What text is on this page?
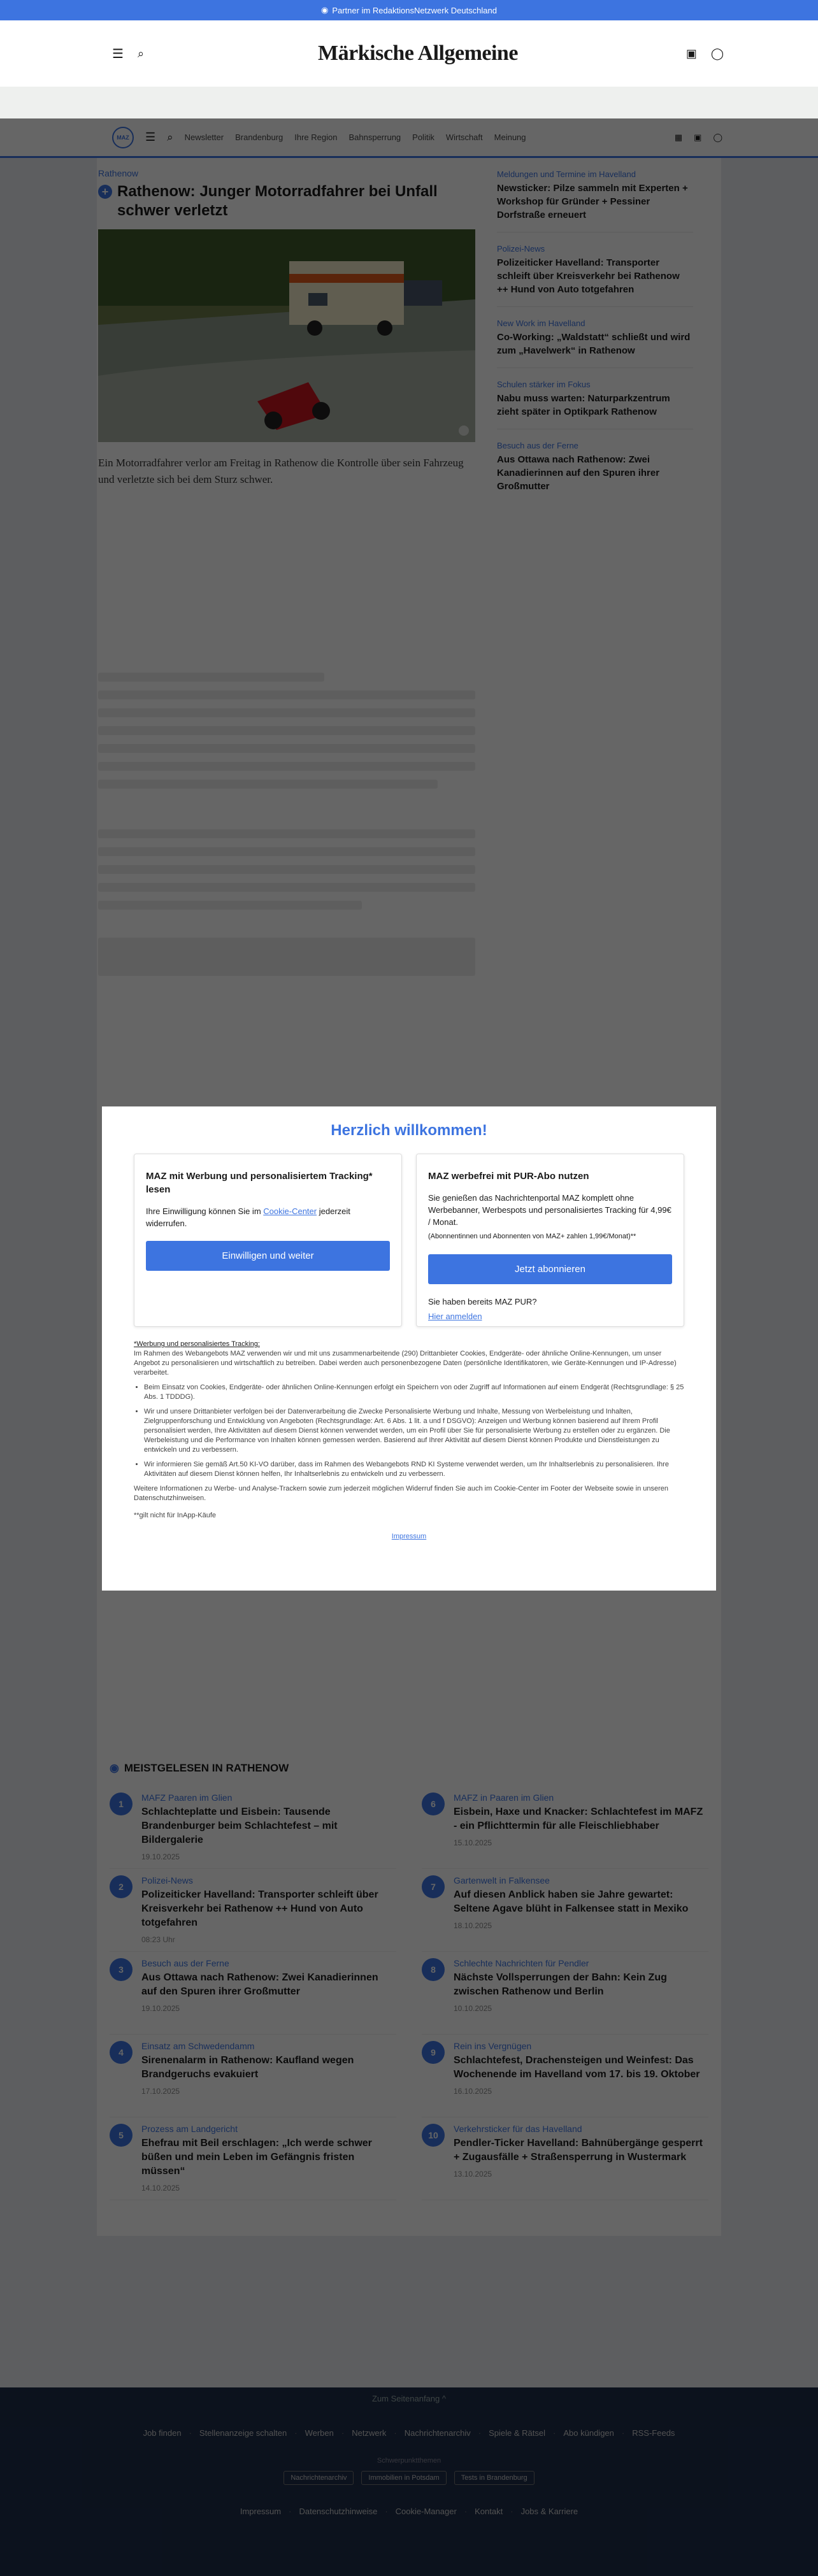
◉ Partner im RedaktionsNetzwerk Deutschland
☰ ⌕	Märkische Allgemeine	▣ ◯

Herzlich willkommen!
MAZ mit Werbung und personalisiertem Tracking* lesen

Ihre Einwilligung können Sie im Cookie-Center jederzeit widerrufen.

Einwilligen und weiter
MAZ werbefrei mit PUR-Abo nutzen

Sie genießen das Nachrichtenportal MAZ komplett ohne Werbebanner, Werbespots und personalisiertes Tracking für 4,99€ / Monat.

(Abonnentinnen und Abonnenten von MAZ+ zahlen 1,99€/Monat)**

Jetzt abonnieren

Sie haben bereits MAZ PUR?

Hier anmelden

*Werbung und personalisiertes Tracking:

Im Rahmen des Webangebots MAZ verwenden wir und mit uns zusammenarbeitende (290) Drittanbieter Cookies, Endgeräte- oder ähnliche Online-Kennungen, um unser Angebot zu personalisieren und wirtschaftlich zu betreiben. Dabei werden auch personenbezogene Daten (persönliche Identifikatoren, wie Geräte-Kennungen und IP-Adresse) verarbeitet.

• Beim Einsatz von Cookies, Endgeräte- oder ähnlichen Online-Kennungen erfolgt ein Speichern von oder Zugriff auf Informationen auf einem Endgerät (Rechtsgrundlage: § 25 Abs. 1 TDDDG).
• Wir und unsere Drittanbieter verfolgen bei der Datenverarbeitung die Zwecke Personalisierte Werbung und Inhalte, Messung von Werbeleistung und Inhalten, Zielgruppenforschung und Entwicklung von Angeboten (Rechtsgrundlage: Art. 6 Abs. 1 lit. a und f DSGVO): Anzeigen und Werbung können basierend auf Ihrem Profil personalisiert werden, Ihre Aktivitäten auf diesem Dienst können verwendet werden, um ein Profil über Sie für personalisierte Werbung zu erstellen oder zu ergänzen. Die Werbeleistung und die Performance von Inhalten können gemessen werden. Basierend auf Ihrer Aktivität auf diesem Dienst können Produkte und Dienstleistungen zu entwickeln und zu verbessern.
• Wir informieren Sie gemäß Art.50 KI-VO darüber, dass im Rahmen des Webangebots RND KI Systeme verwendet werden, um Ihr Inhaltserlebnis zu personalisieren. Ihre Aktivitäten auf diesem Dienst können helfen, Ihr Inhaltserlebnis zu entwickeln und zu verbessern.

Weitere Informationen zu Werbe- und Analyse-Trackern sowie zum jederzeit möglichen Widerruf finden Sie auch im Cookie-Center im Footer der Webseite sowie in unseren Datenschutzhinweisen.

**gilt nicht für InApp-Käufe

Impressum
